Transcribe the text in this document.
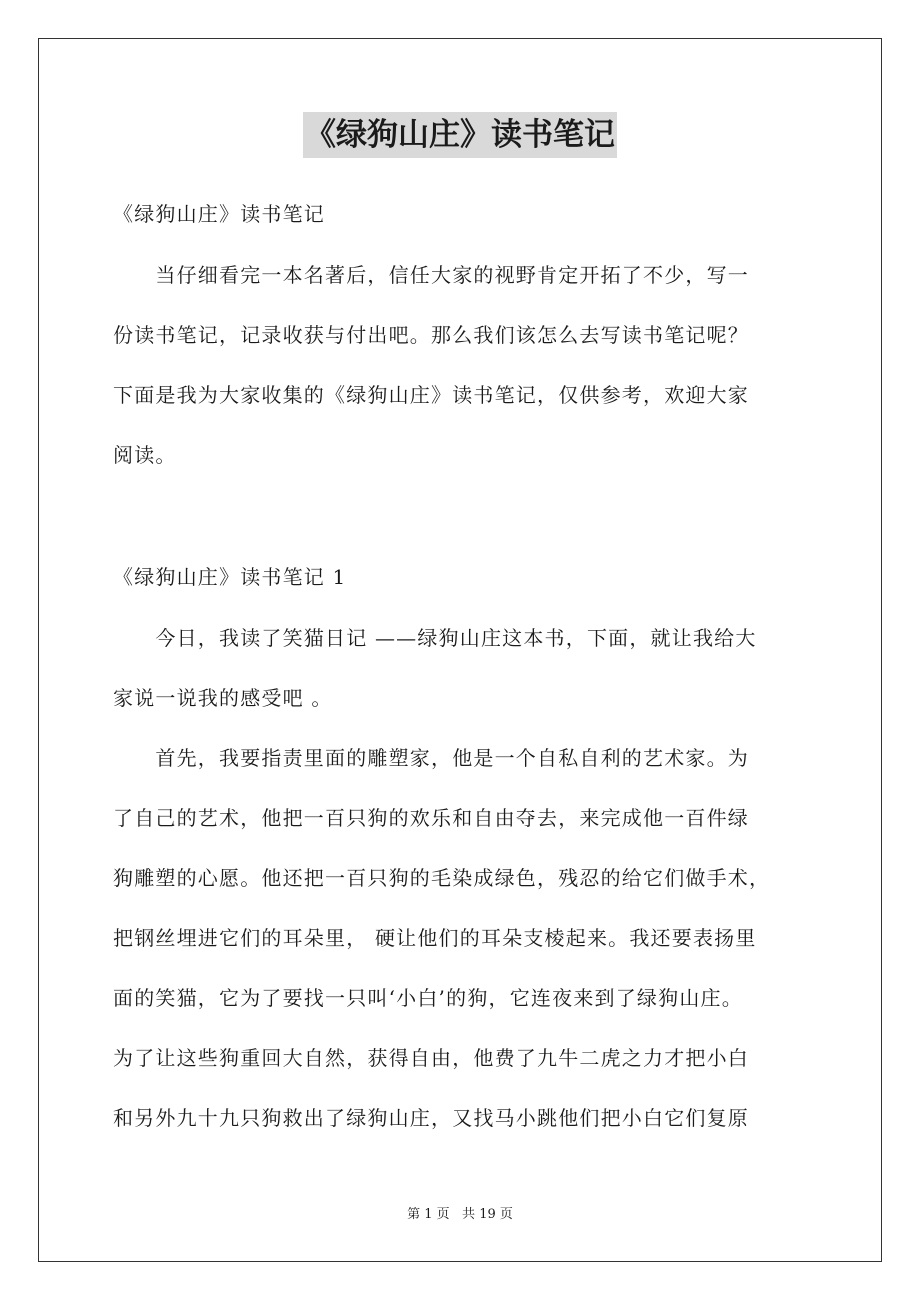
《绿狗山庄》读书笔记
《绿狗山庄》读书笔记
　　当仔细看完一本名著后，信任大家的视野肯定开拓了不少，写一
份读书笔记，记录收获与付出吧。那么我们该怎么去写读书笔记呢？
下面是我为大家收集的《绿狗山庄》读书笔记，仅供参考，欢迎大家
阅读。
《绿狗山庄》读书笔记 1
　　今日，我读了笑猫日记 ——绿狗山庄这本书，下面，就让我给大
家说一说我的感受吧 。
　　首先，我要指责里面的雕塑家，他是一个自私自利的艺术家。为
了自己的艺术，他把一百只狗的欢乐和自由夺去，来完成他一百件绿
狗雕塑的心愿。他还把一百只狗的毛染成绿色，残忍的给它们做手术，
把钢丝埋进它们的耳朵里， 硬让他们的耳朵支棱起来。我还要表扬里
面的笑猫，它为了要找一只叫‘小白’的狗，它连夜来到了绿狗山庄。
为了让这些狗重回大自然，获得自由，他费了九牛二虎之力才把小白
和另外九十九只狗救出了绿狗山庄，又找马小跳他们把小白它们复原
第 1 页   共 19 页
